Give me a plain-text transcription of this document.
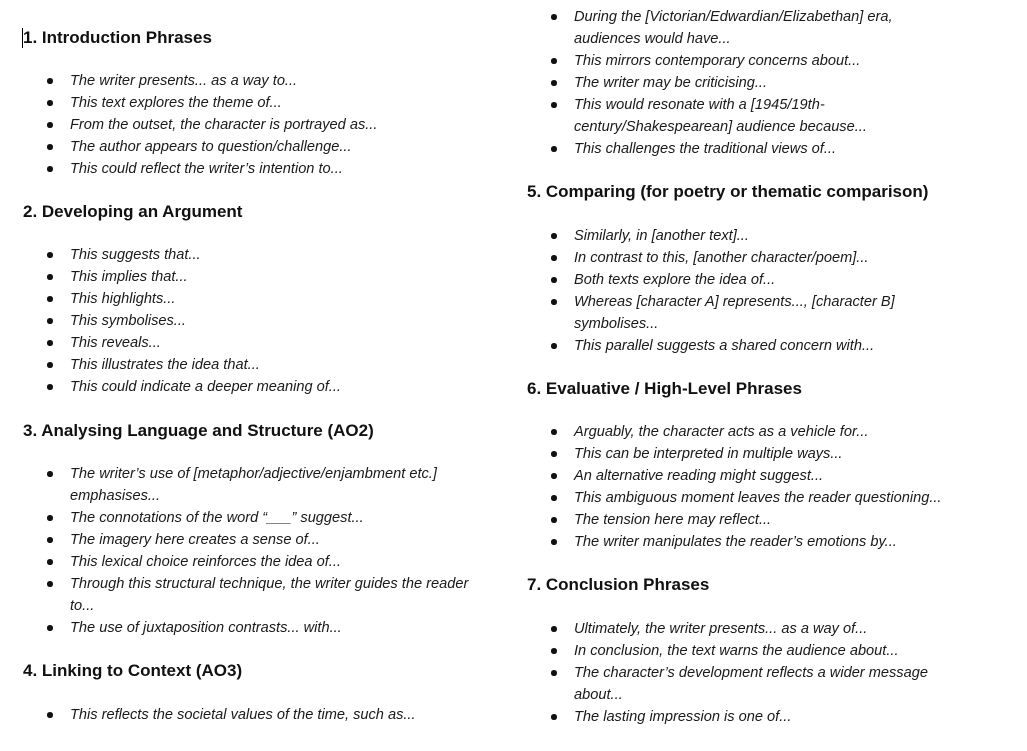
1. Introduction Phrases
The writer presents... as a way to...
This text explores the theme of...
From the outset, the character is portrayed as...
The author appears to question/challenge...
This could reflect the writer’s intention to...
2. Developing an Argument
This suggests that...
This implies that...
This highlights...
This symbolises...
This reveals...
This illustrates the idea that...
This could indicate a deeper meaning of...
3. Analysing Language and Structure (AO2)
The writer’s use of [metaphor/adjective/enjambment etc.] emphasises...
The connotations of the word “___” suggest...
The imagery here creates a sense of...
This lexical choice reinforces the idea of...
Through this structural technique, the writer guides the reader to...
The use of juxtaposition contrasts... with...
4. Linking to Context (AO3)
This reflects the societal values of the time, such as...
During the [Victorian/Edwardian/Elizabethan] era, audiences would have...
This mirrors contemporary concerns about...
The writer may be criticising...
This would resonate with a [1945/19th-century/Shakespearean] audience because...
This challenges the traditional views of...
5. Comparing (for poetry or thematic comparison)
Similarly, in [another text]...
In contrast to this, [another character/poem]...
Both texts explore the idea of...
Whereas [character A] represents..., [character B] symbolises...
This parallel suggests a shared concern with...
6. Evaluative / High-Level Phrases
Arguably, the character acts as a vehicle for...
This can be interpreted in multiple ways...
An alternative reading might suggest...
This ambiguous moment leaves the reader questioning...
The tension here may reflect...
The writer manipulates the reader’s emotions by...
7. Conclusion Phrases
Ultimately, the writer presents... as a way of...
In conclusion, the text warns the audience about...
The character’s development reflects a wider message about...
The lasting impression is one of...
